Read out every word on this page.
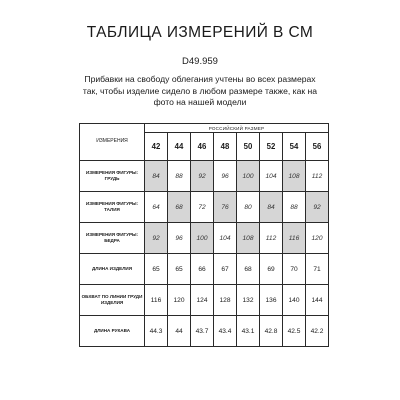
ТАБЛИЦА ИЗМЕРЕНИЙ В СМ
D49.959
Прибавки на свободу облегания учтены во всех размерах так, чтобы изделие сидело в любом размере также, как на фото на нашей модели
ИЗМЕРЕНИЯ	РОССИЙСКИЙ РАЗМЕР							
	42	44	46	48	50	52	54	56
ИЗМЕРЕНИЯ ФИГУРЫ: ГРУДЬ	84	88	92	96	100	104	108	112
ИЗМЕРЕНИЯ ФИГУРЫ: ТАЛИЯ	64	68	72	76	80	84	88	92
ИЗМЕРЕНИЯ ФИГУРЫ: БЕДРА	92	96	100	104	108	112	116	120
ДЛИНА ИЗДЕЛИЯ	65	65	66	67	68	69	70	71
ОБХВАТ ПО ЛИНИИ ГРУДИ ИЗДЕЛИЯ	116	120	124	128	132	136	140	144
ДЛИНА РУКАВА	44.3	44	43.7	43.4	43.1	42.8	42.5	42.2
